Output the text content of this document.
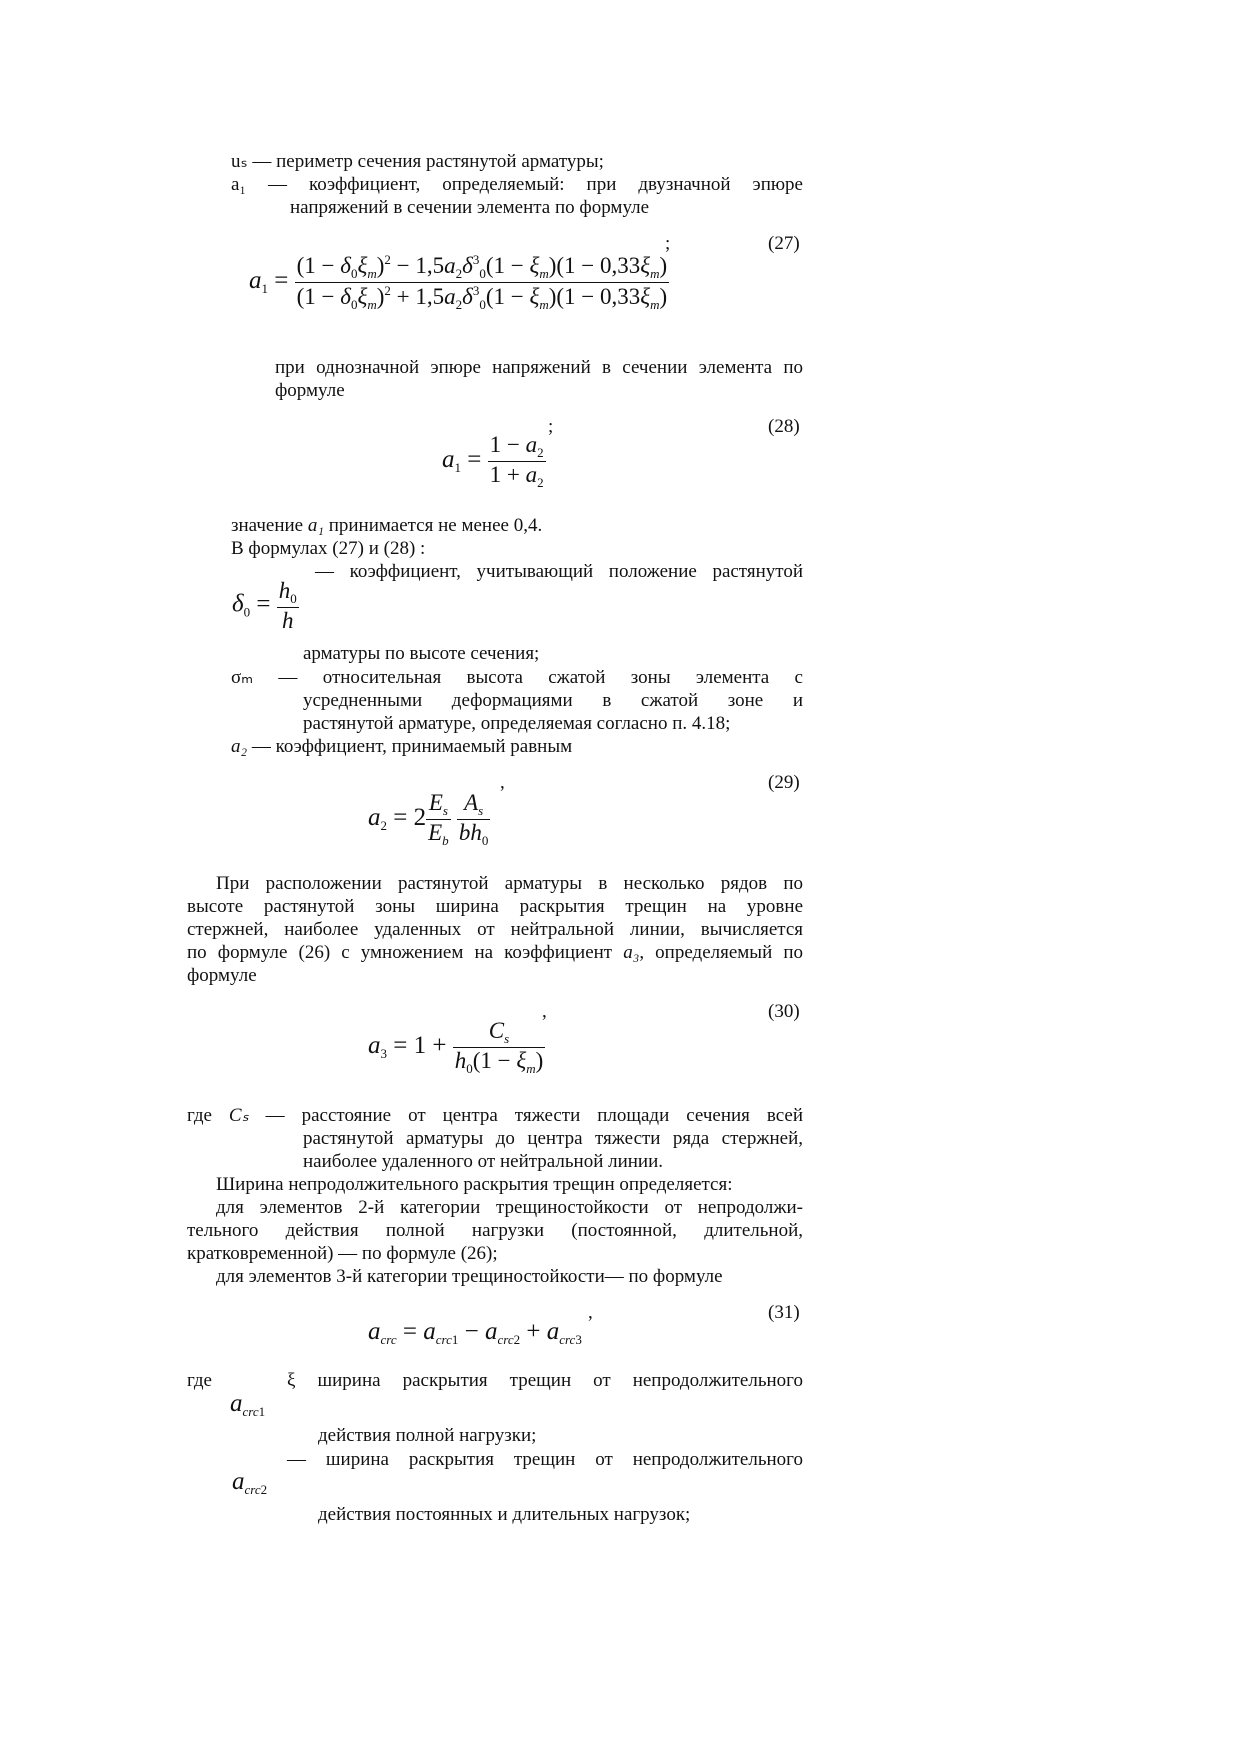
uₛ — периметр сечения растянутой арматуры;
a₁ — коэффициент, определяемый: при двузначной эпюре
напряжений в сечении элемента по формуле
;	(27)
$a_1 = \frac{(1 - \delta_0\xi_m)^2 - 1,5a_2\delta^3_0(1 - \xi_m)(1 - 0,33\xi_m)}{(1 - \delta_0\xi_m)^2 + 1,5a_2\delta^3_0(1 - \xi_m)(1 - 0,33\xi_m)}$
при однозначной эпюре напряжений в сечении элемента по
формуле
;	(28)
$a_1 = \frac{1 - a_2}{1 + a_2}$
значение a₁ принимается не менее 0,4.
В формулах (27) и (28) :
— коэффициент, учитывающий положение растянутой
$\delta_0 = \frac{h_0}{h}$
арматуры по высоте сечения;
σₘ — относительная высота сжатой зоны элемента с
усредненными деформациями в сжатой зоне и
растянутой арматуре, определяемая согласно п. 4.18;
a₂ — коэффициент, принимаемый равным
,	(29)
$a_2 = 2 \frac{E_s}{E_b}$
$\frac{A_s}{bh_0}$
При расположении растянутой арматуры в несколько рядов по
высоте растянутой зоны ширина раскрытия трещин на уровне
стержней, наиболее удаленных от нейтральной линии, вычисляется
по формуле (26) с умножением на коэффициент a₃, определяемый по
формуле
,	(30)
$a_3 = 1 + \frac{C_s}{h_0(1 - \xi_m)}$
где Cₛ — расстояние от центра тяжести площади сечения всей
растянутой арматуры до центра тяжести ряда стержней,
наиболее удаленного от нейтральной линии.
Ширина непродолжительного раскрытия трещин определяется:
для элементов 2-й категории трещиностойкости от непродолжи-
тельного действия полной нагрузки (постоянной, длительной,
кратковременной) — по формуле (26);
для элементов 3-й категории трещиностойкости— по формуле
,	(31)
$a_{crc} = a_{crc1} - a_{crc2} + a_{crc3}$
где	ξ ширина раскрытия трещин от непродолжительного
$a_{crc1}$
действия полной нагрузки;
— ширина раскрытия трещин от непродолжительного
$a_{crc2}$
действия постоянных и длительных нагрузок;
